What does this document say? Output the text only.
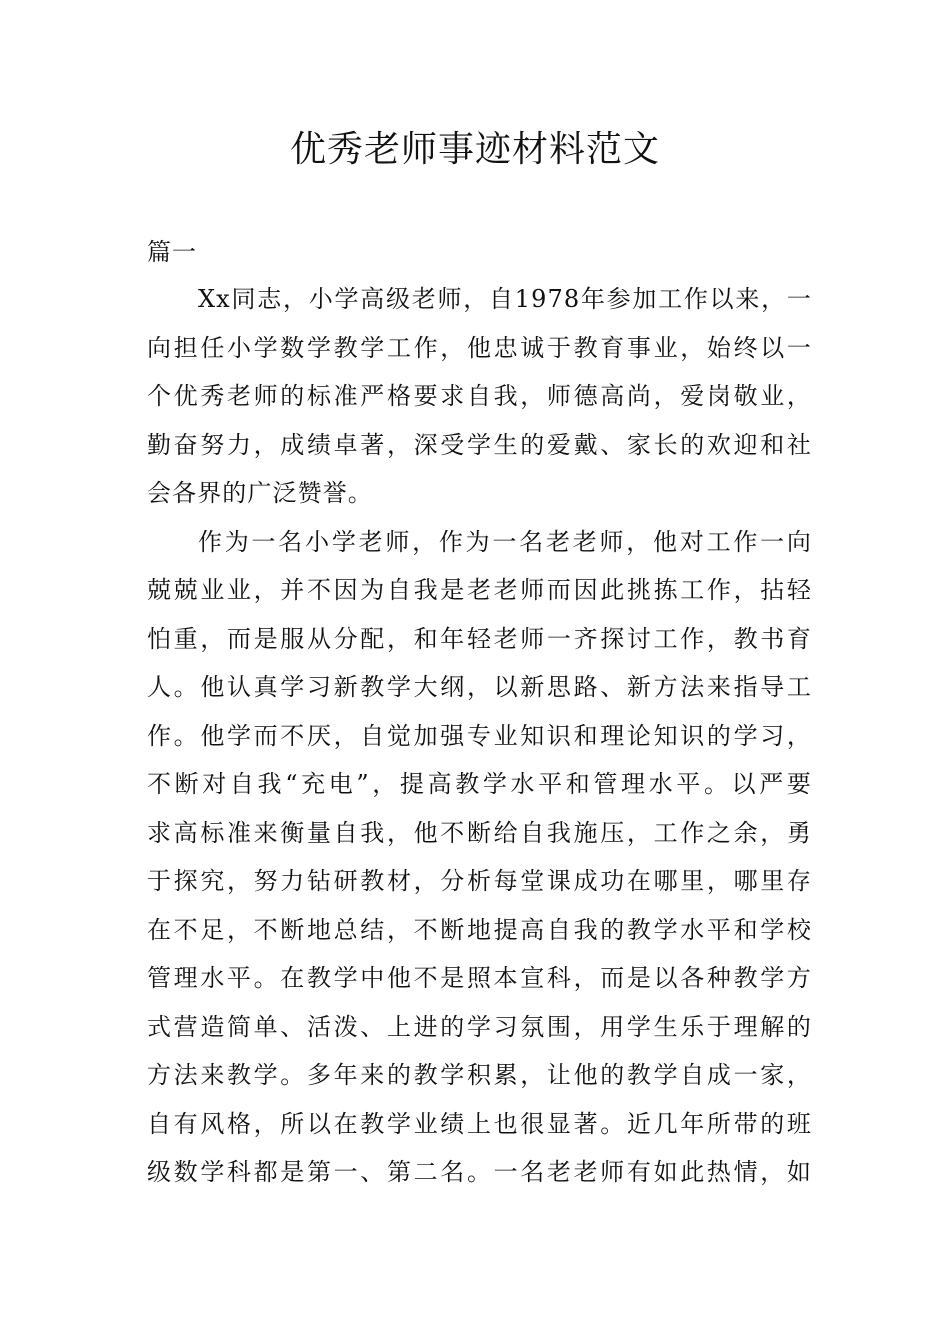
优秀老师事迹材料范文
篇一
Xx同志，小学高级老师，自1978年参加工作以来，一
向担任小学数学教学工作，他忠诚于教育事业，始终以一
个优秀老师的标准严格要求自我，师德高尚，爱岗敬业，
勤奋努力，成绩卓著，深受学生的爱戴、家长的欢迎和社
会各界的广泛赞誉。
作为一名小学老师，作为一名老老师，他对工作一向
兢兢业业，并不因为自我是老老师而因此挑拣工作，拈轻
怕重，而是服从分配，和年轻老师一齐探讨工作，教书育
人。他认真学习新教学大纲，以新思路、新方法来指导工
作。他学而不厌，自觉加强专业知识和理论知识的学习，
不断对自我“充电”，提高教学水平和管理水平。以严要
求高标准来衡量自我，他不断给自我施压，工作之余，勇
于探究，努力钻研教材，分析每堂课成功在哪里，哪里存
在不足，不断地总结，不断地提高自我的教学水平和学校
管理水平。在教学中他不是照本宣科，而是以各种教学方
式营造简单、活泼、上进的学习氛围，用学生乐于理解的
方法来教学。多年来的教学积累，让他的教学自成一家，
自有风格，所以在教学业绩上也很显著。近几年所带的班
级数学科都是第一、第二名。一名老老师有如此热情，如
